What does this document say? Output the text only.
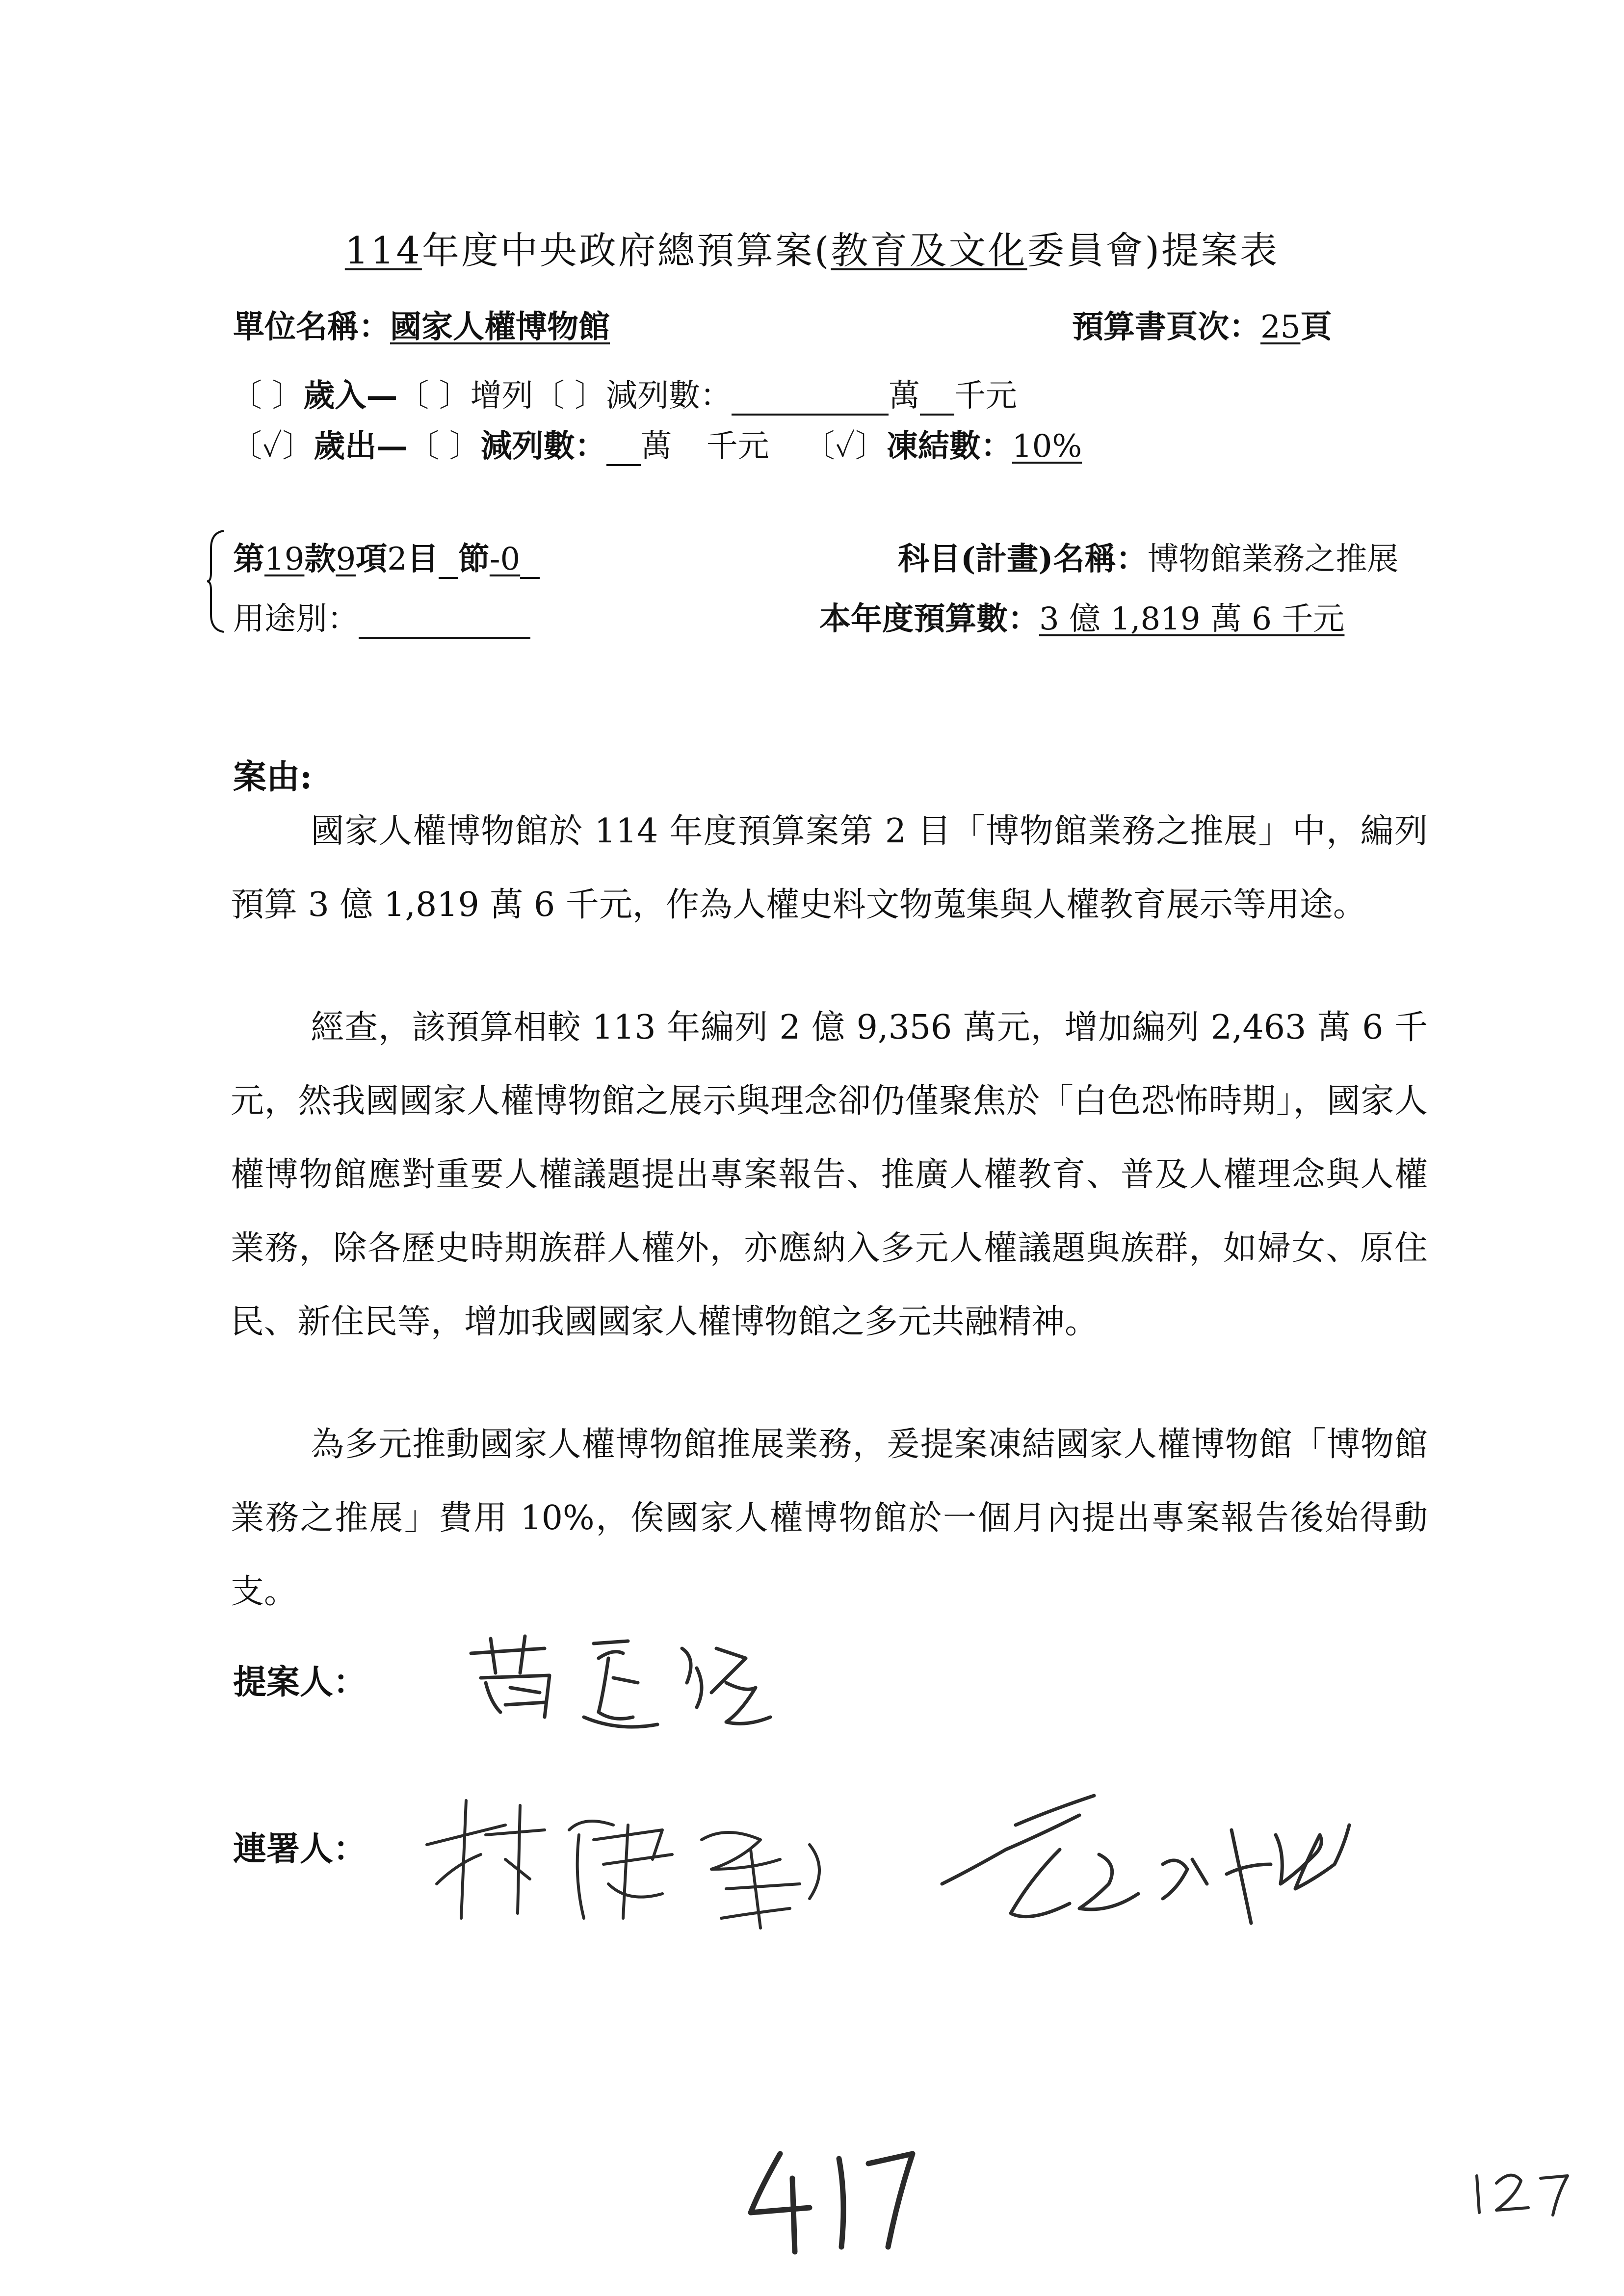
114年度中央政府總預算案(教育及文化委員會)提案表
單位名稱：國家人權博物館	預算書頁次：25頁
〔 〕歲入—〔 〕增列〔 〕減列數：	萬 千元
〔✓〕歲出—〔 〕減列數： 萬 千元 〔✓〕凍結數：10%
第19款9項2目 節-0	科目(計畫)名稱：博物館業務之推展
用途別：	本年度預算數：3 億 1,819 萬 6 千元
案由:

國家人權博物館於 114 年度預算案第 2 目「博物館業務之推展」中，編列預算 3 億 1,819 萬 6 千元，作為人權史料文物蒐集與人權教育展示等用途。

經查，該預算相較 113 年編列 2 億 9,356 萬元，增加編列 2,463 萬 6 千元，然我國國家人權博物館之展示與理念卻仍僅聚焦於「白色恐怖時期」，國家人權博物館應對重要人權議題提出專案報告、推廣人權教育、普及人權理念與人權業務，除各歷史時期族群人權外，亦應納入多元人權議題與族群，如婦女、原住民、新住民等，增加我國國家人權博物館之多元共融精神。

為多元推動國家人權博物館推展業務，爰提案凍結國家人權博物館「博物館業務之推展」費用 10%，俟國家人權博物館於一個月內提出專案報告後始得動支。

提案人：
連署人：
